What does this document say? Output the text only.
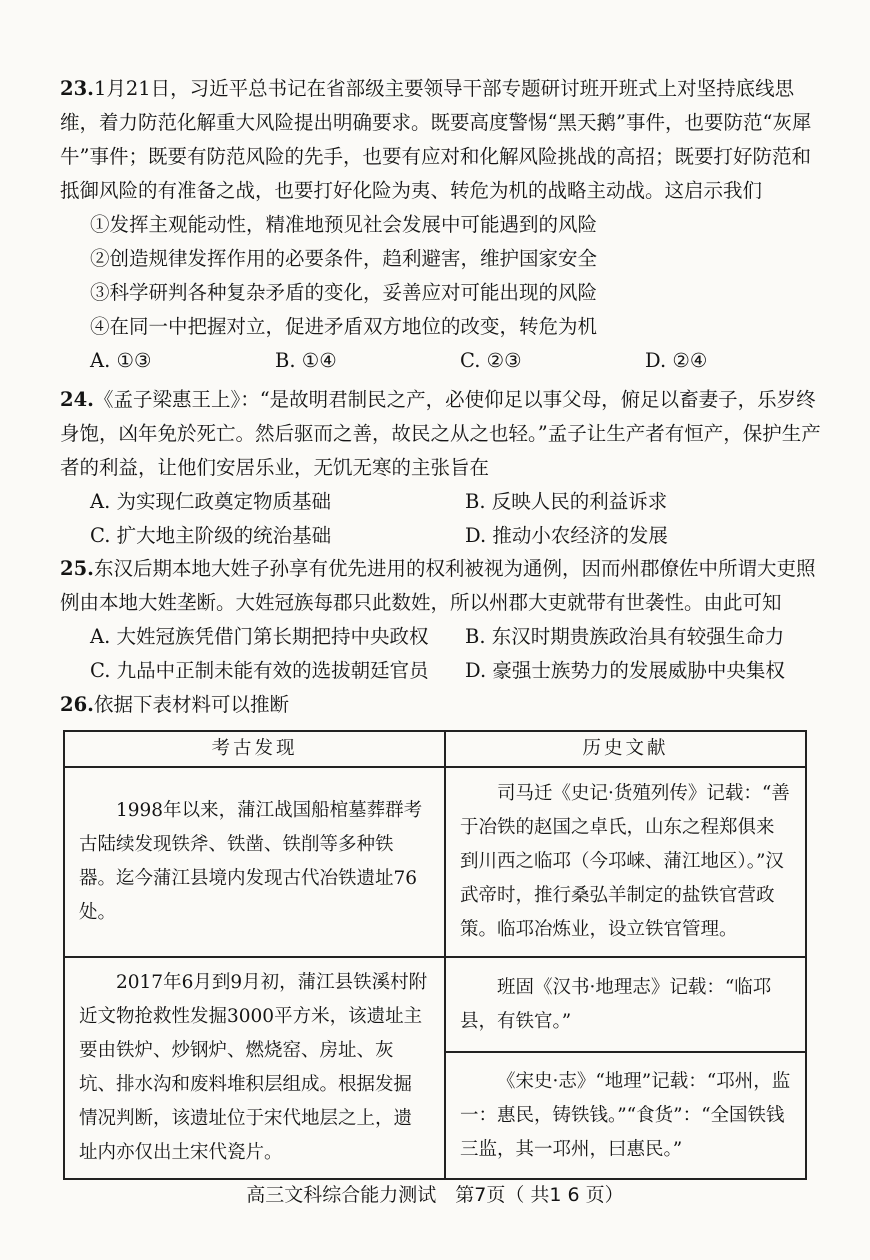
23.1月21日，习近平总书记在省部级主要领导干部专题研讨班开班式上对坚持底线思维，着力防范化解重大风险提出明确要求。既要高度警惕“黑天鹅”事件，也要防范“灰犀牛”事件；既要有防范风险的先手，也要有应对和化解风险挑战的高招；既要打好防范和抵御风险的有准备之战，也要打好化险为夷、转危为机的战略主动战。这启示我们

①发挥主观能动性，精准地预见社会发展中可能遇到的风险

②创造规律发挥作用的必要条件，趋利避害，维护国家安全

③科学研判各种复杂矛盾的变化，妥善应对可能出现的风险

④在同一中把握对立，促进矛盾双方地位的改变，转危为机

A. ①③	B. ①④	C. ②③	D. ②④

24.《孟子梁惠王上》：“是故明君制民之产，必使仰足以事父母，俯足以畜妻子，乐岁终身饱，凶年免於死亡。然后驱而之善，故民之从之也轻。”孟子让生产者有恒产，保护生产者的利益，让他们安居乐业，无饥无寒的主张旨在

A. 为实现仁政奠定物质基础	B. 反映人民的利益诉求
C. 扩大地主阶级的统治基础	D. 推动小农经济的发展

25.东汉后期本地大姓子孙享有优先进用的权利被视为通例，因而州郡僚佐中所谓大吏照例由本地大姓垄断。大姓冠族每郡只此数姓，所以州郡大吏就带有世袭性。由此可知

A. 大姓冠族凭借门第长期把持中央政权	B. 东汉时期贵族政治具有较强生命力
C. 九品中正制未能有效的选拔朝廷官员	D. 豪强士族势力的发展威胁中央集权

26.依据下表材料可以推断

考古发现	历史文献

1998年以来，蒲江战国船棺墓葬群考古陆续发现铁斧、铁凿、铁削等多种铁器。迄今蒲江县境内发现古代冶铁遗址76处。	司马迁《史记·货殖列传》记载：“善于冶铁的赵国之卓氏，山东之程郑俱来到川西之临邛（今邛崃、蒲江地区）。”汉武帝时，推行桑弘羊制定的盐铁官营政策。临邛冶炼业，设立铁官管理。

2017年6月到9月初，蒲江县铁溪村附近文物抢救性发掘3000平方米，该遗址主要由铁炉、炒钢炉、燃烧窑、房址、灰坑、排水沟和废料堆积层组成。根据发掘情况判断，该遗址位于宋代地层之上，遗址内亦仅出土宋代瓷片。	班固《汉书·地理志》记载：“临邛县，有铁官。”

	《宋史·志》“地理”记载：“邛州，监一：惠民，铸铁钱。”“食货”：“全国铁钱三监，其一邛州，曰惠民。”

高三文科综合能力测试　第7页（ 共1 6 页）
